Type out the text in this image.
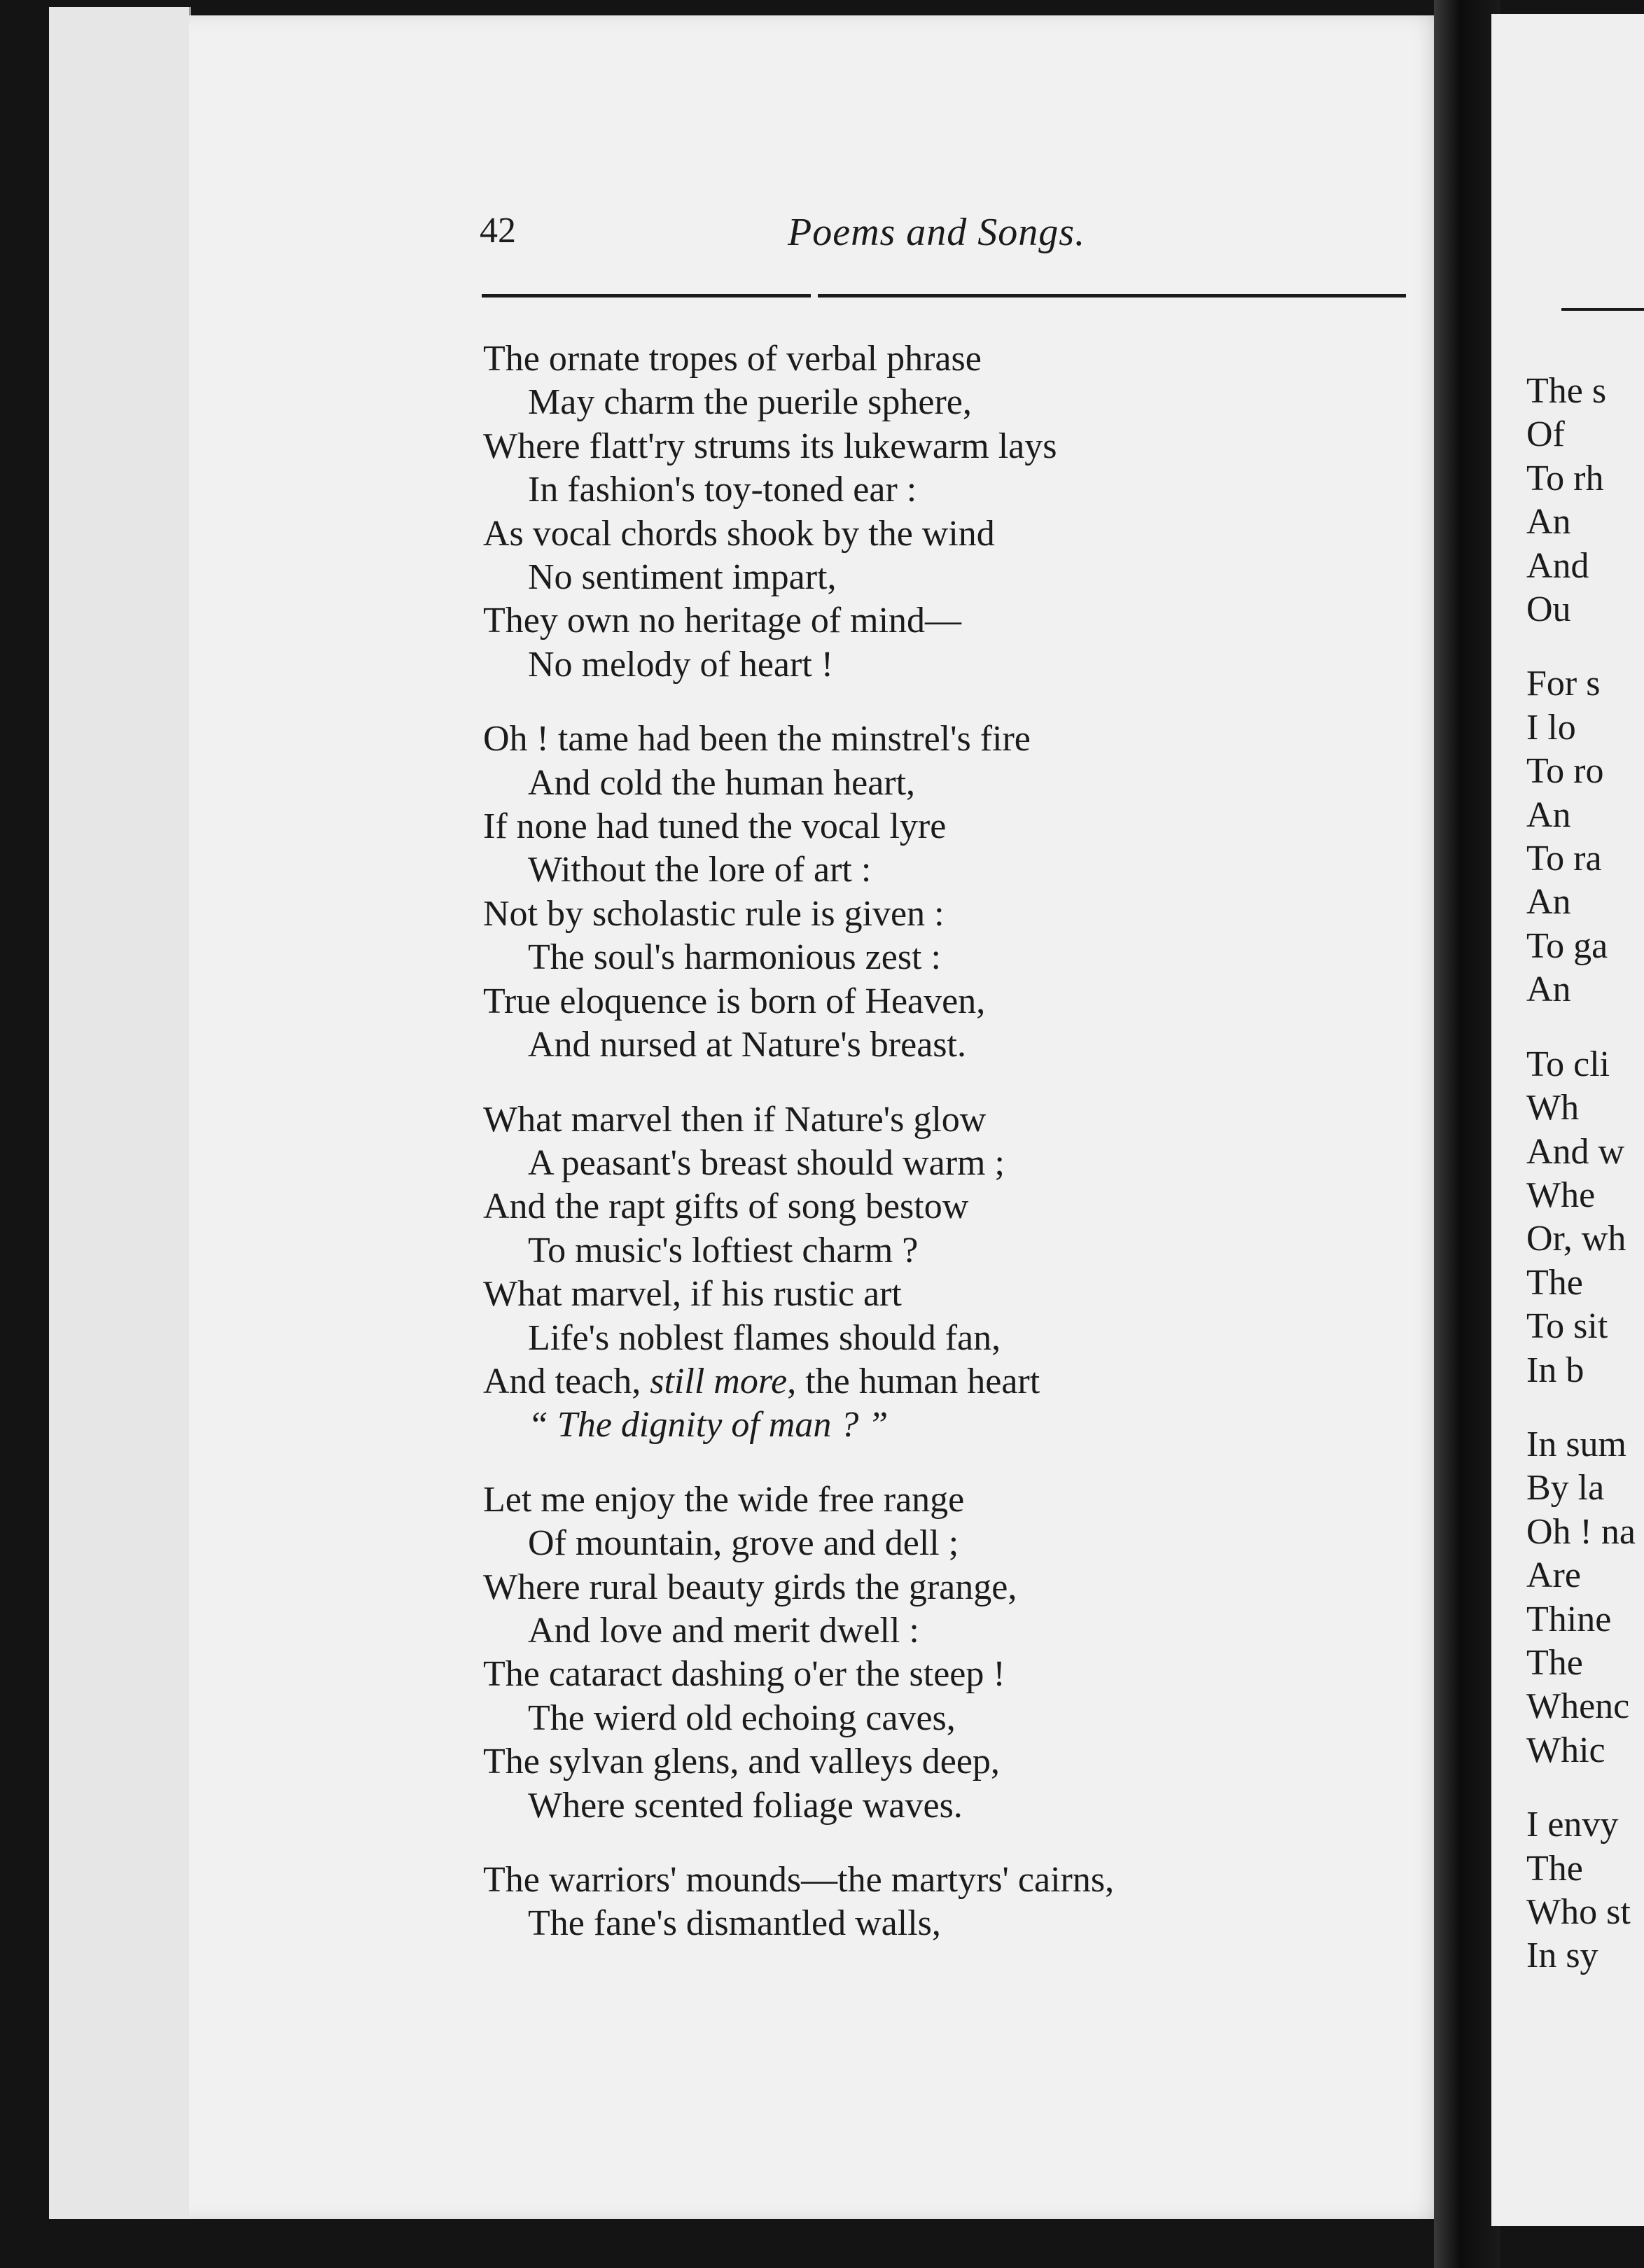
The s
Of
To rh
An
And
Ou
For s
I lo
To ro
An
To ra
An
To ga
An
To cli
Wh
And w
Whe
Or, wh
The
To sit
In b
In sum
By la
Oh ! na
Are
Thine
The
Whenc
Whic
I envy
The
Who st
In sy
42	Poems and Songs.
The ornate tropes of verbal phrase
May charm the puerile sphere,
Where flatt'ry strums its lukewarm lays
In fashion's toy-toned ear :
As vocal chords shook by the wind
No sentiment impart,
They own no heritage of mind—
No melody of heart !
Oh ! tame had been the minstrel's fire
And cold the human heart,
If none had tuned the vocal lyre
Without the lore of art :
Not by scholastic rule is given :
The soul's harmonious zest :
True eloquence is born of Heaven,
And nursed at Nature's breast.
What marvel then if Nature's glow
A peasant's breast should warm ;
And the rapt gifts of song bestow
To music's loftiest charm ?
What marvel, if his rustic art
Life's noblest flames should fan,
And teach, still more, the human heart
“ The dignity of man ? ”
Let me enjoy the wide free range
Of mountain, grove and dell ;
Where rural beauty girds the grange,
And love and merit dwell :
The cataract dashing o'er the steep !
The wierd old echoing caves,
The sylvan glens, and valleys deep,
Where scented foliage waves.
The warriors' mounds—the martyrs' cairns,
The fane's dismantled walls,
